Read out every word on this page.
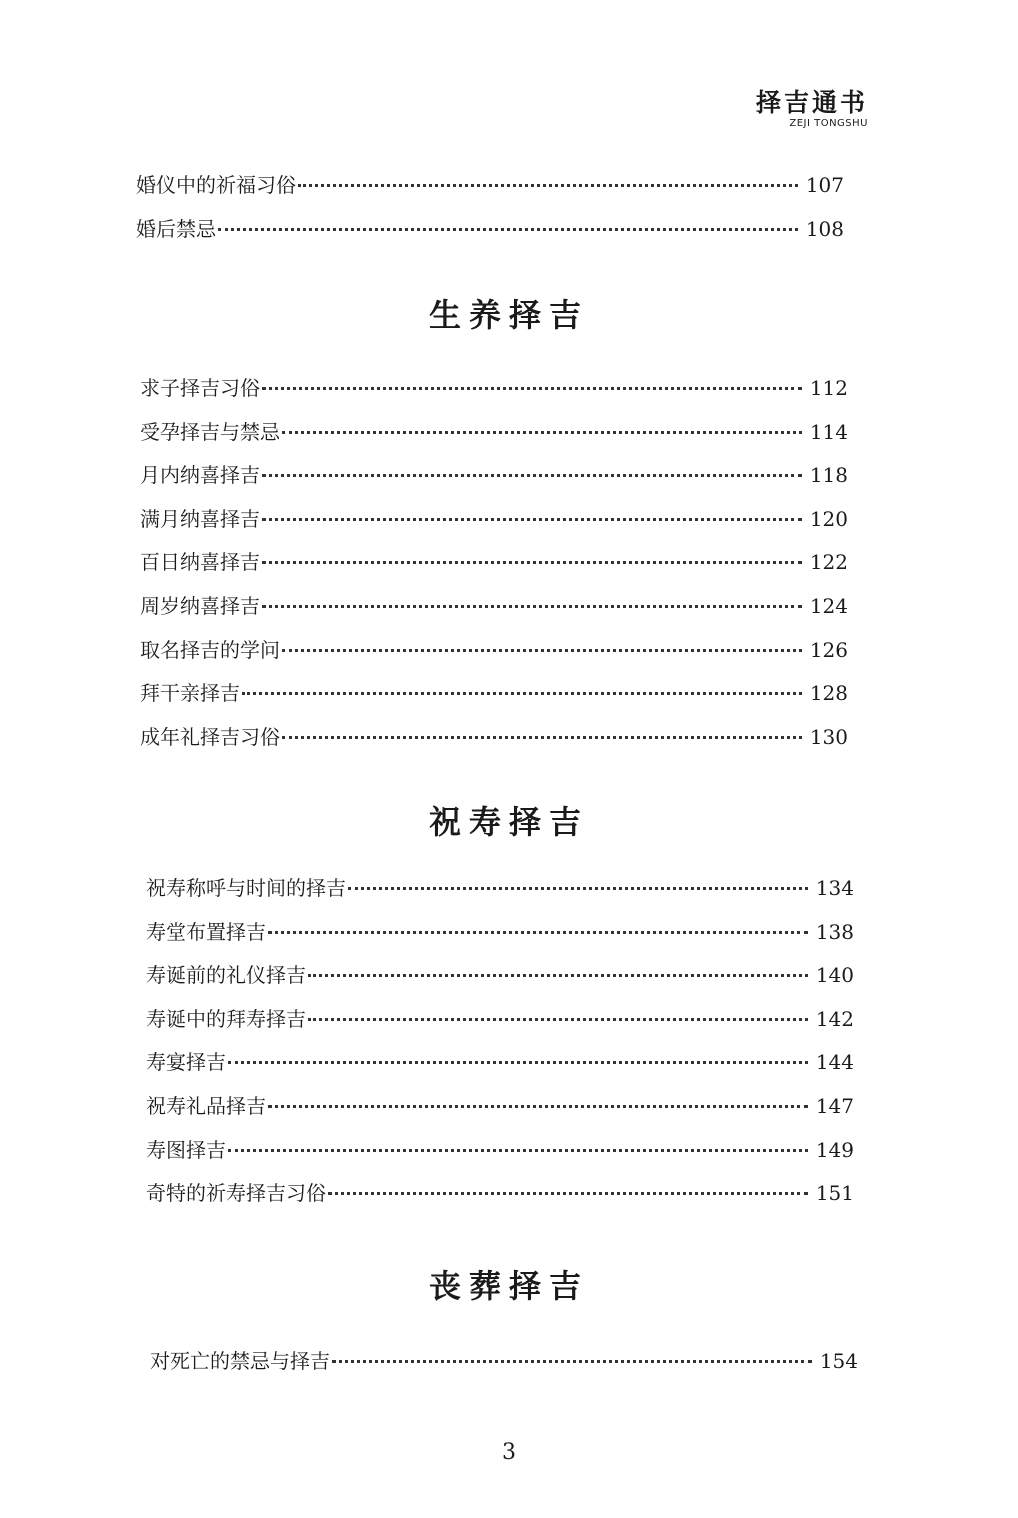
择吉通书
ZEJI TONGSHU
婚仪中的祈福习俗	107
婚后禁忌	108
生养择吉
求子择吉习俗	112
受孕择吉与禁忌	114
月内纳喜择吉	118
满月纳喜择吉	120
百日纳喜择吉	122
周岁纳喜择吉	124
取名择吉的学问	126
拜干亲择吉	128
成年礼择吉习俗	130
祝寿择吉
祝寿称呼与时间的择吉	134
寿堂布置择吉	138
寿诞前的礼仪择吉	140
寿诞中的拜寿择吉	142
寿宴择吉	144
祝寿礼品择吉	147
寿图择吉	149
奇特的祈寿择吉习俗	151
丧葬择吉
对死亡的禁忌与择吉	154
3
